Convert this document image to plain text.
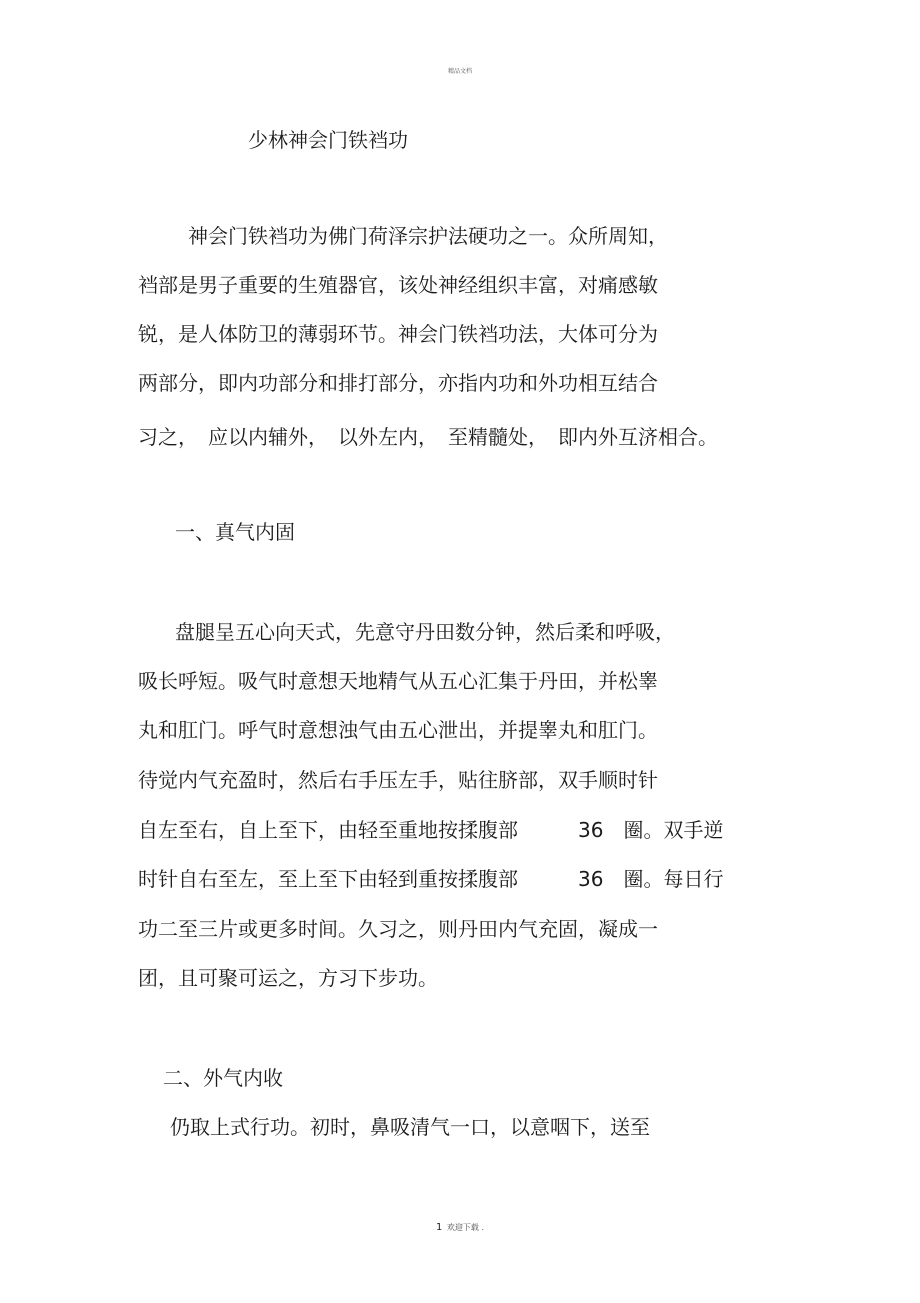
精品文档
少林神会门铁裆功
神会门铁裆功为佛门荷泽宗护法硬功之一。众所周知，
裆部是男子重要的生殖器官，该处神经组织丰富，对痛感敏
锐，是人体防卫的薄弱环节。神会门铁裆功法，大体可分为
两部分，即内功部分和排打部分，亦指内功和外功相互结合
习之，　应以内辅外，　以外左内，　至精髓处，　即内外互济相合。
一、真气内固
盘腿呈五心向天式，先意守丹田数分钟，然后柔和呼吸，
吸长呼短。吸气时意想天地精气从五心汇集于丹田，并松睾
丸和肛门。呼气时意想浊气由五心泄出，并提睾丸和肛门。
待觉内气充盈时，然后右手压左手，贴往脐部，双手顺时针
自左至右，自上至下，由轻至重地按揉腹部　　　36　圈。双手逆
时针自右至左，至上至下由轻到重按揉腹部　　　36　圈。每日行
功二至三片或更多时间。久习之，则丹田内气充固，凝成一
团，且可聚可运之，方习下步功。
二、外气内收
仍取上式行功。初时，鼻吸清气一口，以意咽下，送至
1 欢迎下载 .
